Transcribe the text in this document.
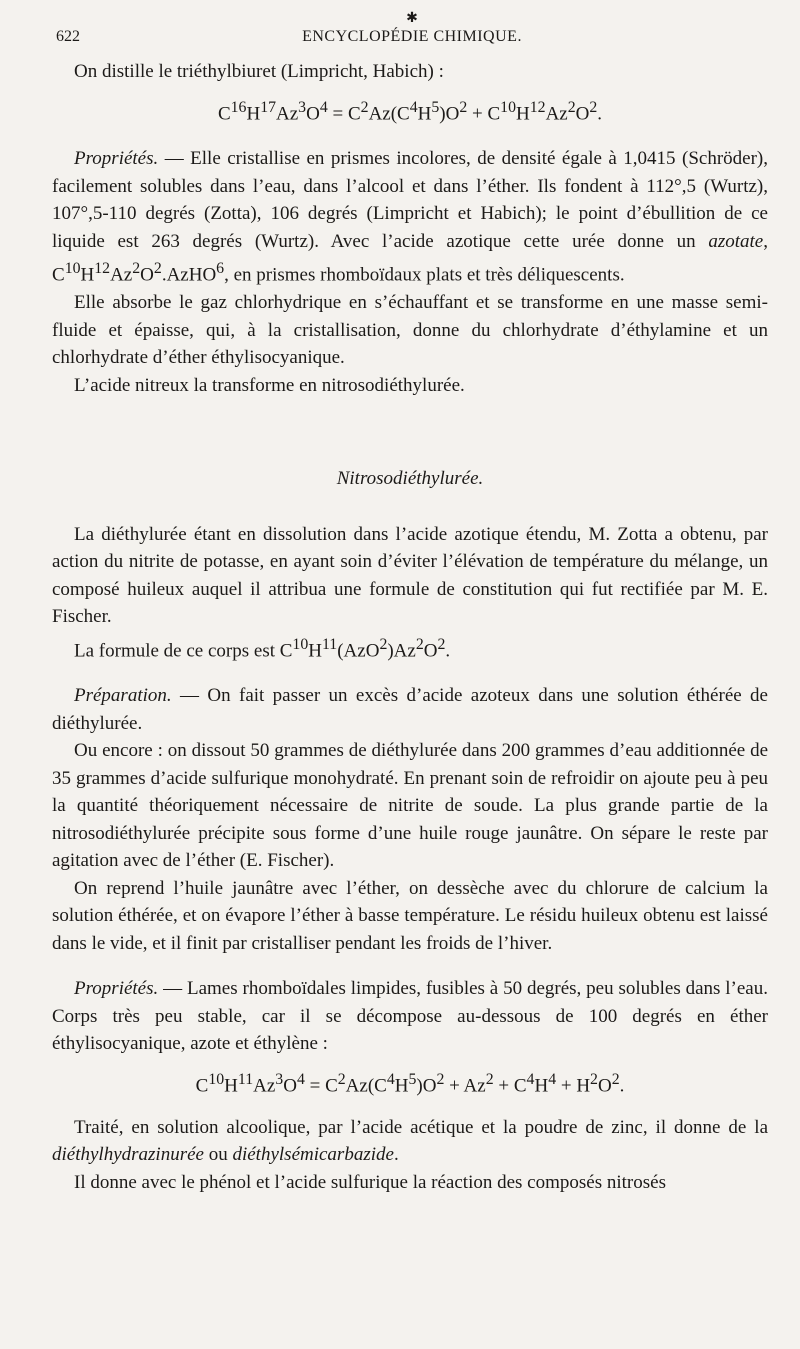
✱
622	ENCYCLOPÉDIE CHIMIQUE.

On distille le triéthylbiuret (Limpricht, Habich) :

$C^{16}H^{17}Az^3O^4 = C^2Az(C^4H^5)O^2 + C^{10}H^{12}Az^2O^2$.

Propriétés. — Elle cristallise en prismes incolores, de densité égale à 1,0415 (Schröder), facilement solubles dans l’eau, dans l’alcool et dans l’éther. Ils fondent à 112°,5 (Wurtz), 107°,5-110 degrés (Zotta), 106 degrés (Limpricht et Habich); le point d’ébullition de ce liquide est 263 degrés (Wurtz). Avec l’acide azotique cette urée donne un azotate, $C^{10}H^{12}Az^2O^2.AzHO^6$, en prismes rhomboïdaux plats et très déliquescents.

Elle absorbe le gaz chlorhydrique en s’échauffant et se transforme en une masse semi-fluide et épaisse, qui, à la cristallisation, donne du chlorhydrate d’éthylamine et un chlorhydrate d’éther éthylisocyanique.

L’acide nitreux la transforme en nitrosodiéthylurée.

Nitrosodiéthylurée.

La diéthylurée étant en dissolution dans l’acide azotique étendu, M. Zotta a obtenu, par action du nitrite de potasse, en ayant soin d’éviter l’élévation de température du mélange, un composé huileux auquel il attribua une formule de constitution qui fut rectifiée par M. E. Fischer.

La formule de ce corps est $C^{10}H^{11}(AzO^2)Az^2O^2$.

Préparation. — On fait passer un excès d’acide azoteux dans une solution éthérée de diéthylurée.

Ou encore : on dissout 50 grammes de diéthylurée dans 200 grammes d’eau additionnée de 35 grammes d’acide sulfurique monohydraté. En prenant soin de refroidir on ajoute peu à peu la quantité théoriquement nécessaire de nitrite de soude. La plus grande partie de la nitrosodiéthylurée précipite sous forme d’une huile rouge jaunâtre. On sépare le reste par agitation avec de l’éther (E. Fischer).

On reprend l’huile jaunâtre avec l’éther, on dessèche avec du chlorure de calcium la solution éthérée, et on évapore l’éther à basse température. Le résidu huileux obtenu est laissé dans le vide, et il finit par cristalliser pendant les froids de l’hiver.

Propriétés. — Lames rhomboïdales limpides, fusibles à 50 degrés, peu solubles dans l’eau. Corps très peu stable, car il se décompose au-dessous de 100 degrés en éther éthylisocyanique, azote et éthylène :

$C^{10}H^{11}Az^3O^4 = C^2Az(C^4H^5)O^2 + Az^2 + C^4H^4 + H^2O^2$.

Traité, en solution alcoolique, par l’acide acétique et la poudre de zinc, il donne de la diéthylhydrazinurée ou diéthylsémicarbazide.

Il donne avec le phénol et l’acide sulfurique la réaction des composés nitrosés
